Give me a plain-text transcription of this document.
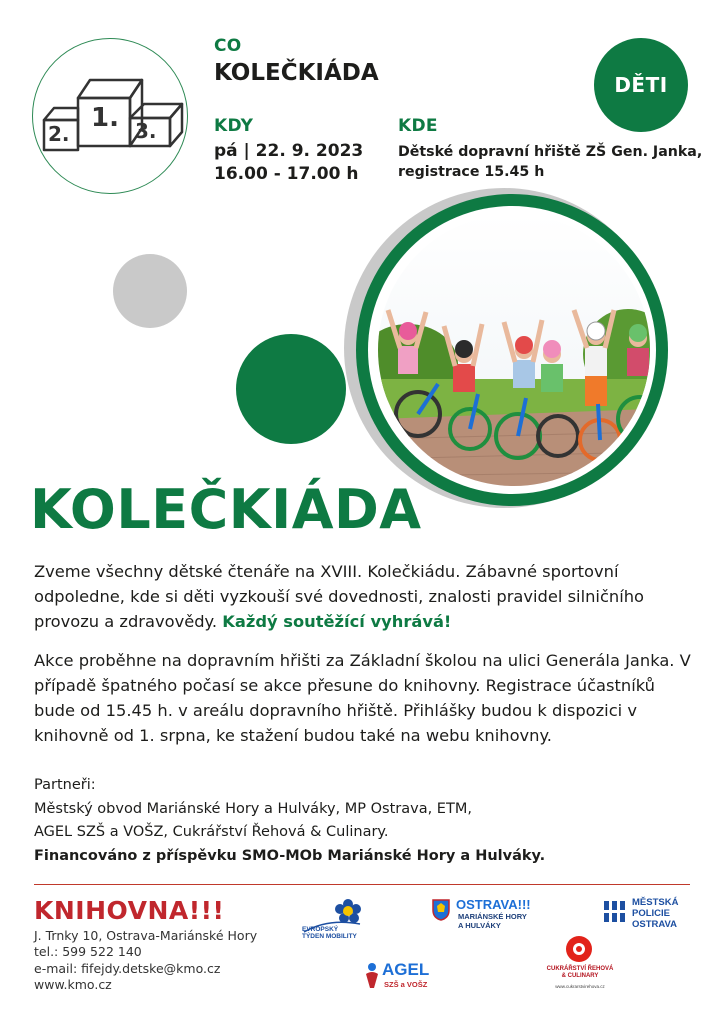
1.
2.	3.
CO
KOLEČKIÁDA
KDY
pá | 22. 9. 2023
16.00 - 17.00 h
KDE
Dětské dopravní hřiště ZŠ Gen. Janka,
registrace 15.45 h
DĚTI
KOLEČKIÁDA

Zveme všechny dětské čtenáře na XVIII. Kolečkiádu. Zábavné sportovní odpoledne, kde si děti vyzkouší své dovednosti, znalosti pravidel silničního provozu a zdravovědy. Každý soutěžící vyhrává!

Akce proběhne na dopravním hřišti za Základní školou na ulici Generála Janka. V případě špatného počasí se akce přesune do knihovny. Registrace účastníků bude od 15.45 h. v areálu dopravního hřiště. Přihlášky budou k dispozici v knihovně od 1. srpna, ke stažení budou také na webu knihovny.

Partneři:
Městský obvod Mariánské Hory a Hulváky, MP Ostrava, ETM,
AGEL SZŠ a VOŠZ, Cukrářství Řehová & Culinary.
Financováno z příspěvku SMO-MOb Mariánské Hory a Hulváky.
KNIHOVNA!!!
J. Trnky 10, Ostrava-Mariánské Hory
tel.: 599 522 140
e-mail: fifejdy.detske@kmo.cz
www.kmo.cz
EVROPSKÝ
TÝDEN MOBILITY
OSTRAVA!!!
MARIÁNSKÉ HORY
A HULVÁKY
MĚSTSKÁ
POLICIE
OSTRAVA
AGEL
SZŠ a VOŠZ
CUKRÁŘSTVÍ ŘEHOVÁ
& CULINARY
www.cukrarstvirehova.cz
